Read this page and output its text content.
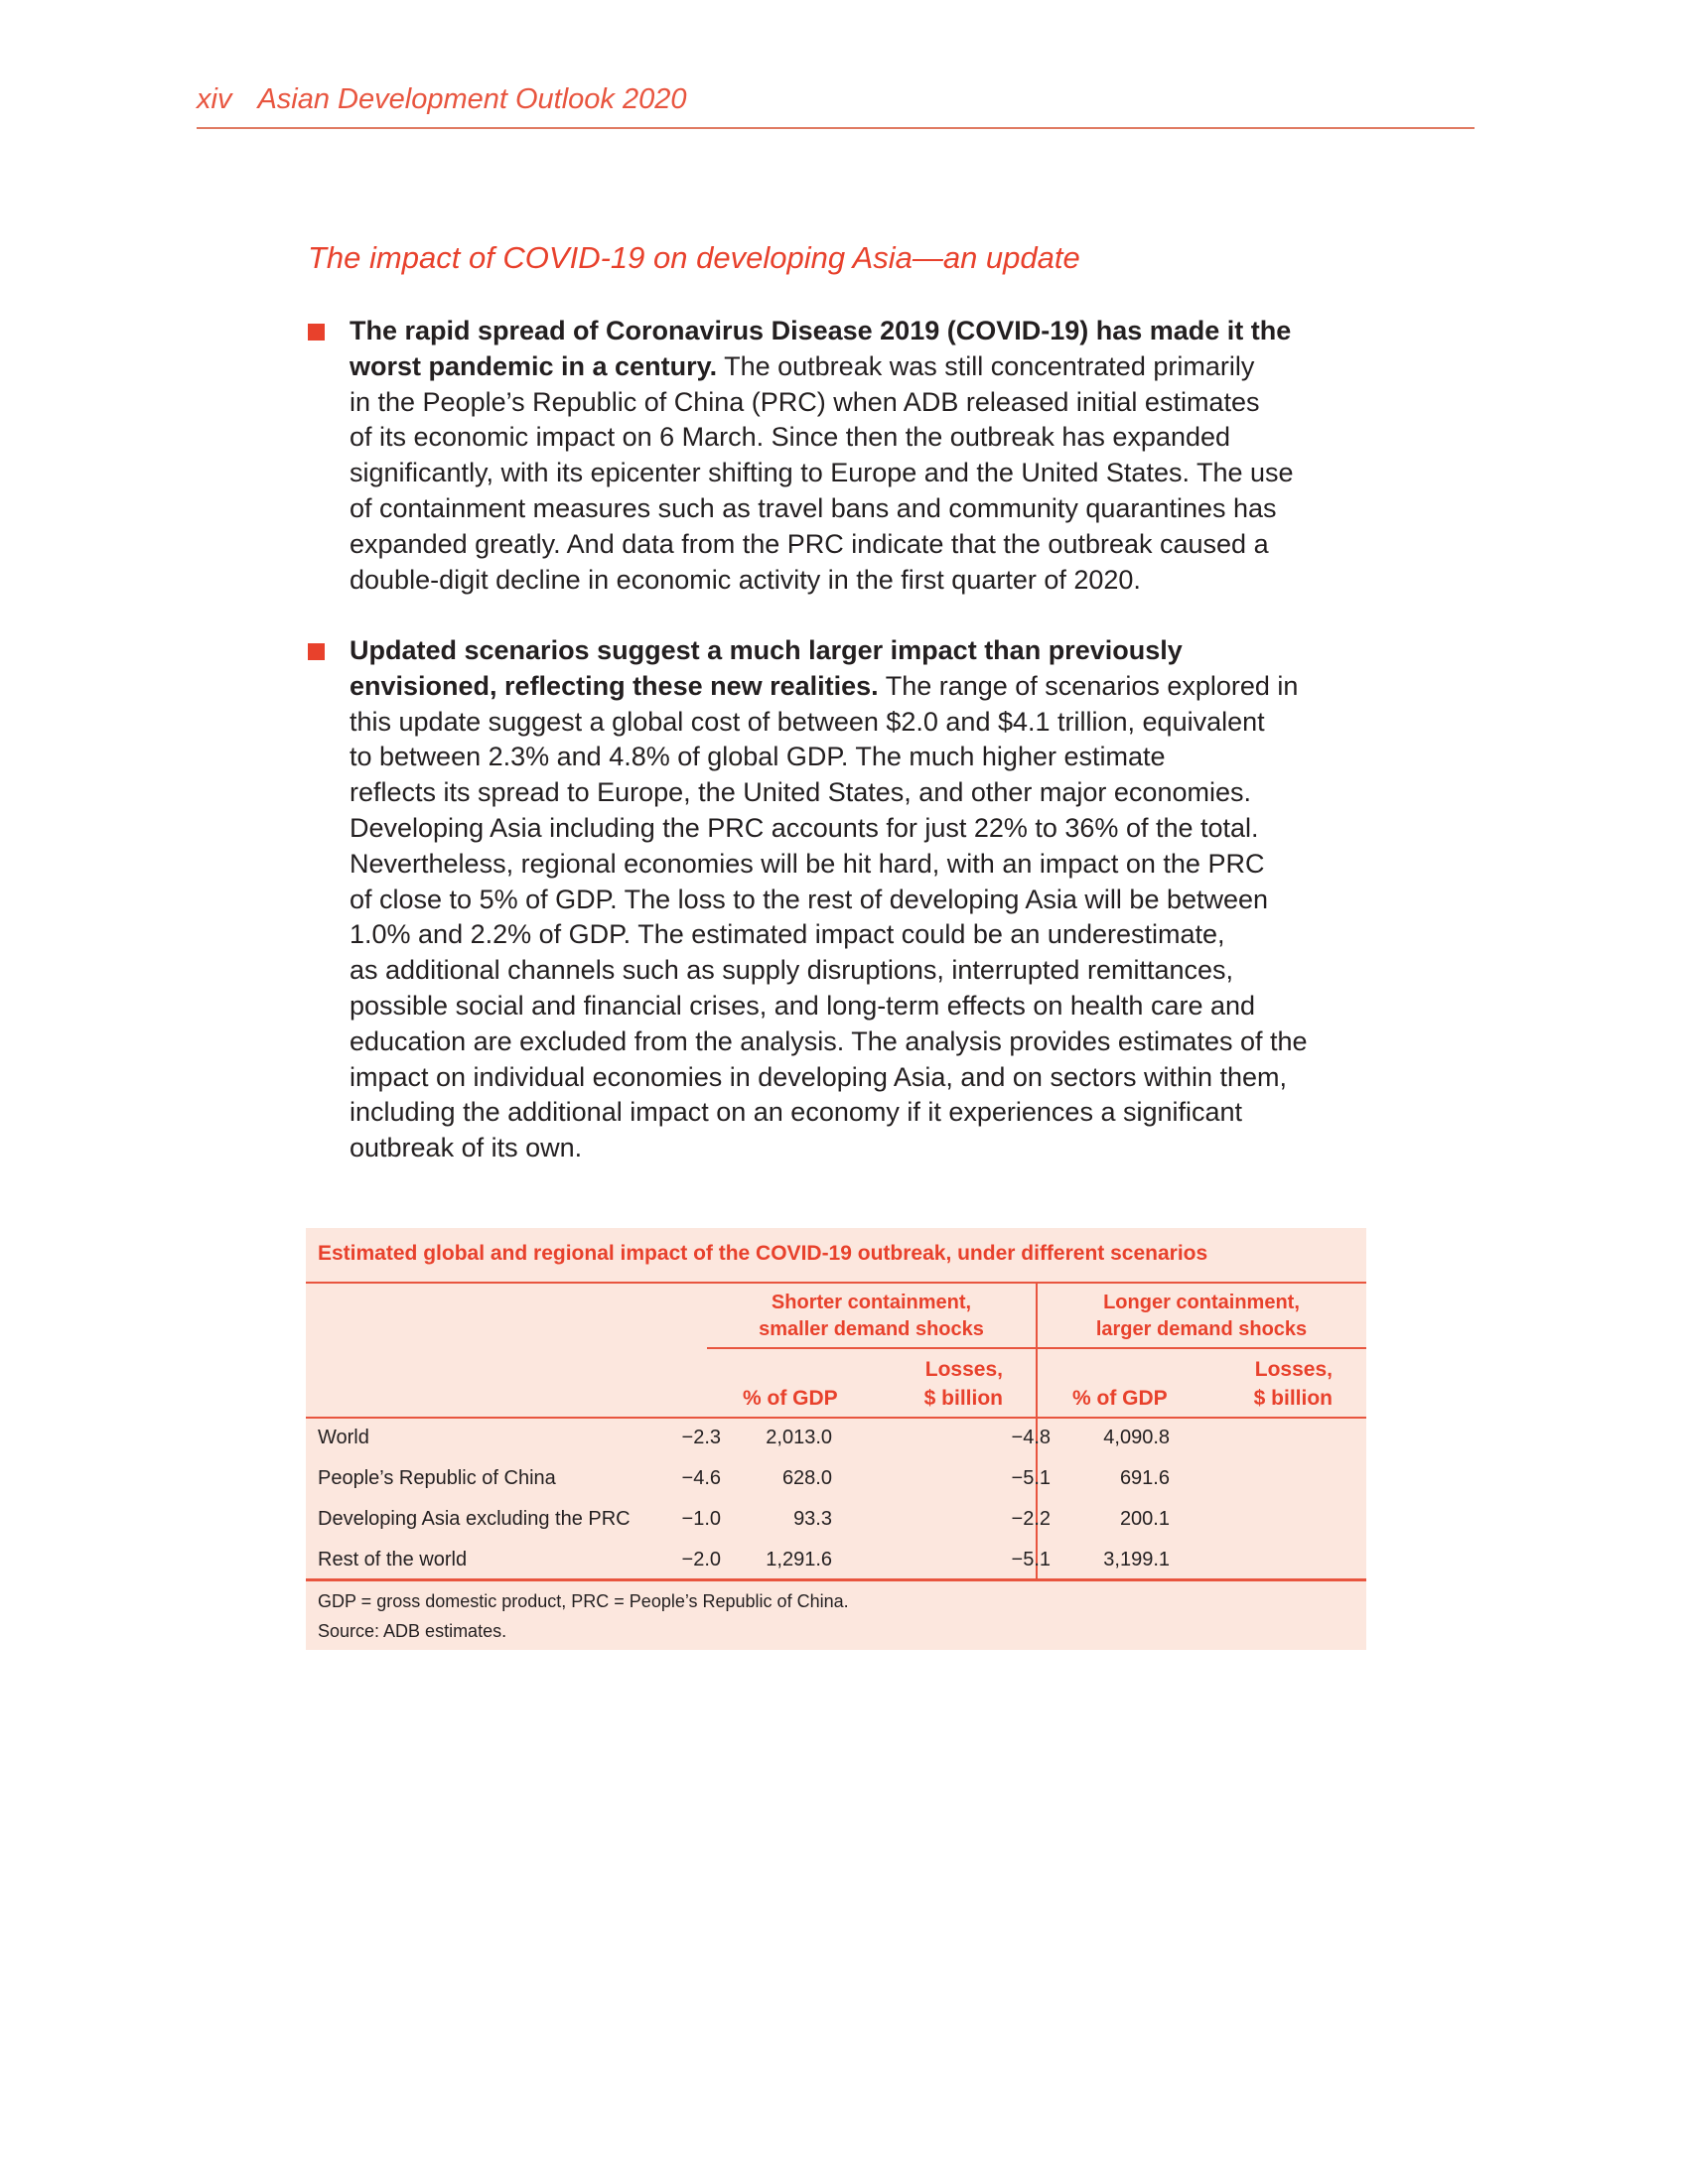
xiv Asian Development Outlook 2020
The impact of COVID-19 on developing Asia—an update
The rapid spread of Coronavirus Disease 2019 (COVID-19) has made it the
worst pandemic in a century. The outbreak was still concentrated primarily
in the People’s Republic of China (PRC) when ADB released initial estimates
of its economic impact on 6 March. Since then the outbreak has expanded
significantly, with its epicenter shifting to Europe and the United States. The use
of containment measures such as travel bans and community quarantines has
expanded greatly. And data from the PRC indicate that the outbreak caused a
double-digit decline in economic activity in the first quarter of 2020.
Updated scenarios suggest a much larger impact than previously
envisioned, reflecting these new realities. The range of scenarios explored in
this update suggest a global cost of between $2.0 and $4.1 trillion, equivalent
to between 2.3% and 4.8% of global GDP. The much higher estimate
reflects its spread to Europe, the United States, and other major economies.
Developing Asia including the PRC accounts for just 22% to 36% of the total.
Nevertheless, regional economies will be hit hard, with an impact on the PRC
of close to 5% of GDP. The loss to the rest of developing Asia will be between
1.0% and 2.2% of GDP. The estimated impact could be an underestimate,
as additional channels such as supply disruptions, interrupted remittances,
possible social and financial crises, and long-term effects on health care and
education are excluded from the analysis. The analysis provides estimates of the
impact on individual economies in developing Asia, and on sectors within them,
including the additional impact on an economy if it experiences a significant
outbreak of its own.
Estimated global and regional impact of the COVID-19 outbreak, under different scenarios
Shorter containment,
smaller demand shocks
Longer containment,
larger demand shocks
% of GDP
Losses,
$ billion	% of GDP
Losses,
$ billion
World	−2.3	2,013.0	−4.8	4,090.8
People’s Republic of China	−4.6	628.0	−5.1	691.6
Developing Asia excluding the PRC	−1.0	93.3	−2.2	200.1
Rest of the world	−2.0	1,291.6	−5.1	3,199.1
GDP = gross domestic product, PRC = People’s Republic of China.
Source: ADB estimates.
